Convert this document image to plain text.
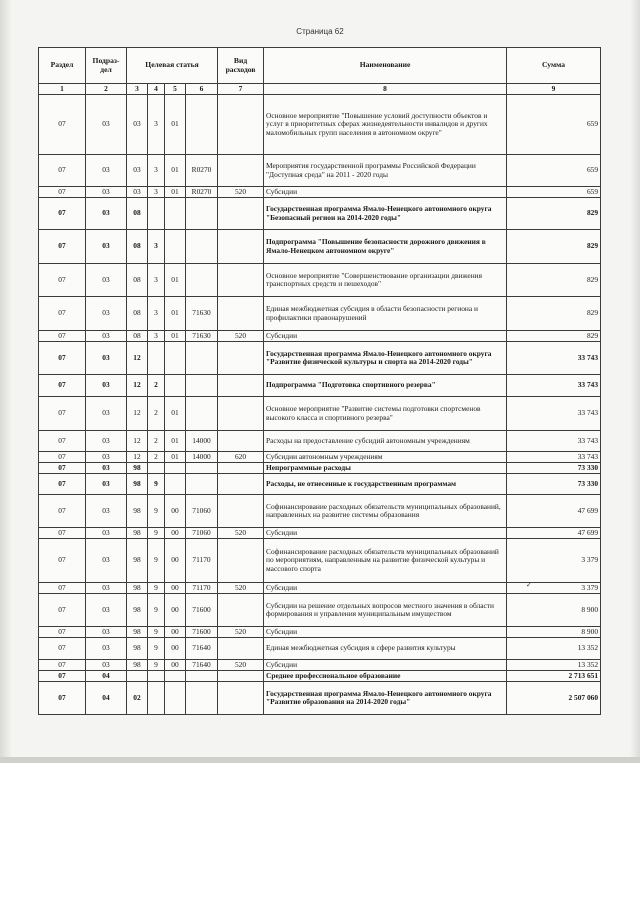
Страница 62
Раздел	Подраз-дел	Целевая статья				Вид расходов	Наименование	Сумма
1	2	3	4	5	6	7	8	9
07	03	03	3	01			Основное мероприятие "Повышение условий доступности объектов и услуг в приоритетных сферах жизнедеятельности инвалидов и других маломобильных групп населения в автономном округе"	659
07	03	03	3	01	R0270		Мероприятия государственной программы Российской Федерации "Доступная среда" на 2011 - 2020 годы	659
07	03	03	3	01	R0270	520	Субсидии	659
07	03	08					Государственная программа Ямало-Ненецкого автономного округа "Безопасный регион на 2014-2020 годы"	829
07	03	08	3				Подпрограмма "Повышение безопасности дорожного движения в Ямало-Ненецком автономном округе"	829
07	03	08	3	01			Основное мероприятие "Совершенствование организации движения транспортных средств и пешеходов"	829
07	03	08	3	01	71630		Единая межбюджетная субсидия в области безопасности региона и профилактики правонарушений	829
07	03	08	3	01	71630	520	Субсидии	829
07	03	12					Государственная программа Ямало-Ненецкого автономного округа "Развитие физической культуры и спорта на 2014-2020 годы"	33 743
07	03	12	2				Подпрограмма "Подготовка спортивного резерва"	33 743
07	03	12	2	01			Основное мероприятие "Развитие системы подготовки спортсменов высокого класса и спортивного резерва"	33 743
07	03	12	2	01	14000		Расходы на предоставление субсидий автономным учреждениям	33 743
07	03	12	2	01	14000	620	Субсидии автономным учреждениям	33 743
07	03	98					Непрограммные расходы	73 330
07	03	98	9				Расходы, не отнесенные к государственным программам	73 330
07	03	98	9	00	71060		Софинансирование расходных обязательств муниципальных образований, направленных на развитие системы образования	47 699
07	03	98	9	00	71060	520	Субсидии	47 699
07	03	98	9	00	71170		Софинансирование расходных обязательств муниципальных образований по мероприятиям, направленным на развитие физической культуры и массового спорта	3 379
07	03	98	9	00	71170	520	Субсидии	3 379
07	03	98	9	00	71600		Субсидии на решение отдельных вопросов местного значения в области формирования и управления муниципальным имуществом	8 900
07	03	98	9	00	71600	520	Субсидии	8 900
07	03	98	9	00	71640		Единая межбюджетная субсидия в сфере развития культуры	13 352
07	03	98	9	00	71640	520	Субсидии	13 352
07	04						Среднее профессиональное образование	2 713 651
07	04	02					Государственная программа Ямало-Ненецкого автономного округа "Развитие образования на 2014-2020 годы"	2 507 060
✓
